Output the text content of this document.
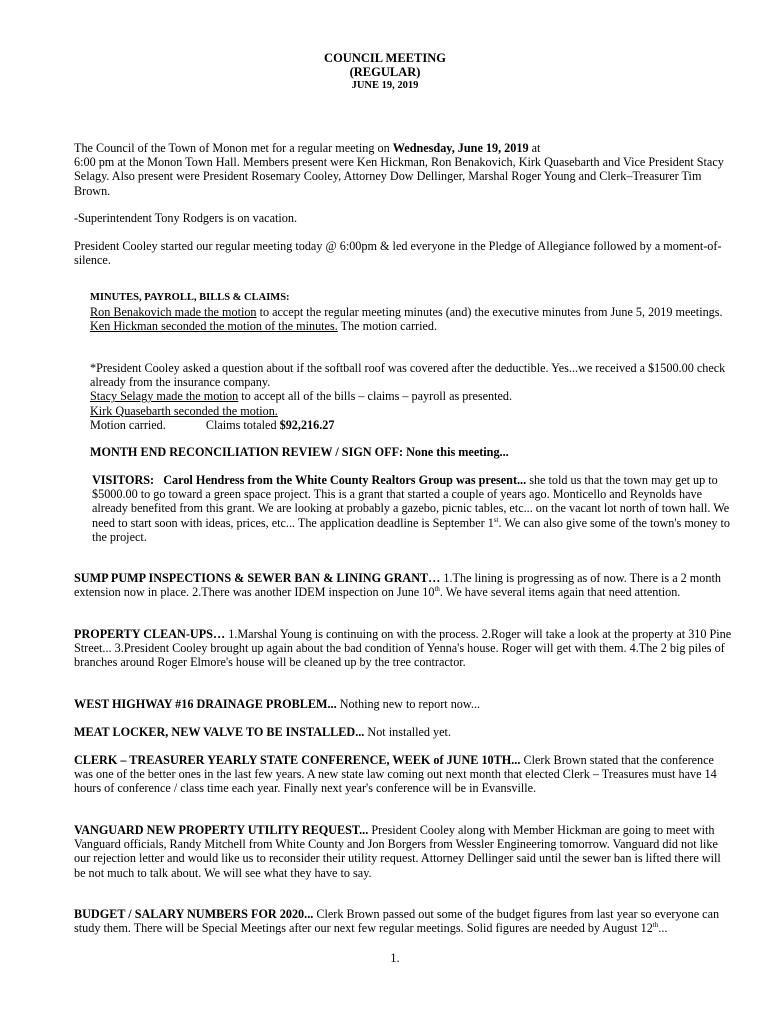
COUNCIL MEETING

(REGULAR)

JUNE 19, 2019

The Council of the Town of Monon met for a regular meeting on Wednesday, June 19, 2019 at
6:00 pm at the Monon Town Hall. Members present were Ken Hickman, Ron Benakovich, Kirk Quasebarth and Vice President Stacy Selagy. Also present were President Rosemary Cooley, Attorney Dow Dellinger, Marshal Roger Young and Clerk–Treasurer Tim Brown.

-Superintendent Tony Rodgers is on vacation.

President Cooley started our regular meeting today @ 6:00pm & led everyone in the Pledge of Allegiance followed by a moment-of-silence.

MINUTES, PAYROLL, BILLS & CLAIMS:
Ron Benakovich made the motion to accept the regular meeting minutes (and) the executive minutes from June 5, 2019 meetings.
Ken Hickman seconded the motion of the minutes. The motion carried.
*President Cooley asked a question about if the softball roof was covered after the deductible. Yes...we received a $1500.00 check already from the insurance company.
Stacy Selagy made the motion to accept all of the bills – claims – payroll as presented.
Kirk Quasebarth seconded the motion.
Motion carried.	Claims totaled $92,216.27

MONTH END RECONCILIATION REVIEW / SIGN OFF: None this meeting...

VISITORS: Carol Hendress from the White County Realtors Group was present... she told us that the town may get up to $5000.00 to go toward a green space project. This is a grant that started a couple of years ago. Monticello and Reynolds have already benefited from this grant. We are looking at probably a gazebo, picnic tables, etc... on the vacant lot north of town hall. We need to start soon with ideas, prices, etc... The application deadline is September 1st. We can also give some of the town's money to the project.

SUMP PUMP INSPECTIONS & SEWER BAN & LINING GRANT… 1.The lining is progressing as of now. There is a 2 month extension now in place. 2.There was another IDEM inspection on June 10th. We have several items again that need attention.

PROPERTY CLEAN-UPS… 1.Marshal Young is continuing on with the process. 2.Roger will take a look at the property at 310 Pine Street... 3.President Cooley brought up again about the bad condition of Yenna's house. Roger will get with them. 4.The 2 big piles of branches around Roger Elmore's house will be cleaned up by the tree contractor.

WEST HIGHWAY #16 DRAINAGE PROBLEM... Nothing new to report now...

MEAT LOCKER, NEW VALVE TO BE INSTALLED... Not installed yet.

CLERK – TREASURER YEARLY STATE CONFERENCE, WEEK of JUNE 10TH... Clerk Brown stated that the conference was one of the better ones in the last few years. A new state law coming out next month that elected Clerk – Treasures must have 14 hours of conference / class time each year. Finally next year's conference will be in Evansville.

VANGUARD NEW PROPERTY UTILITY REQUEST... President Cooley along with Member Hickman are going to meet with Vanguard officials, Randy Mitchell from White County and Jon Borgers from Wessler Engineering tomorrow. Vanguard did not like our rejection letter and would like us to reconsider their utility request. Attorney Dellinger said until the sewer ban is lifted there will be not much to talk about. We will see what they have to say.

BUDGET / SALARY NUMBERS FOR 2020... Clerk Brown passed out some of the budget figures from last year so everyone can study them. There will be Special Meetings after our next few regular meetings. Solid figures are needed by August 12th...

1.
